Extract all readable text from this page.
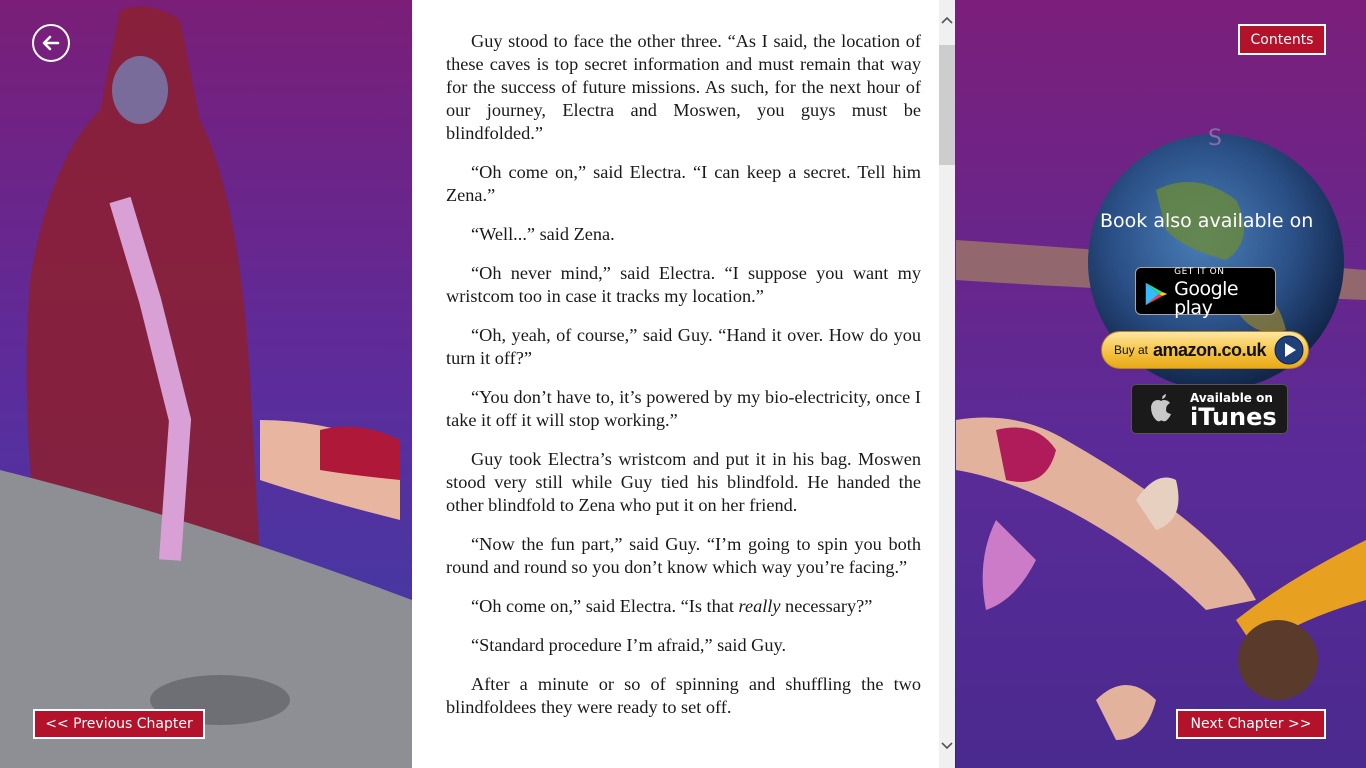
S
Contents
<< Previous Chapter	Next Chapter >>

Guy stood to face the other three. “As I said, the location of these caves is top secret information and must remain that way for the success of future missions. As such, for the next hour of our journey, Electra and Moswen, you guys must be blindfolded.”

“Oh come on,” said Electra. “I can keep a secret. Tell him Zena.”

“Well...” said Zena.

“Oh never mind,” said Electra. “I suppose you want my wristcom too in case it tracks my location.”

“Oh, yeah, of course,” said Guy. “Hand it over. How do you turn it off?”

“You don’t have to, it’s powered by my bio-electricity, once I take it off it will stop working.”

Guy took Electra’s wristcom and put it in his bag. Moswen stood very still while Guy tied his blindfold. He handed the other blindfold to Zena who put it on her friend.

“Now the fun part,” said Guy. “I’m going to spin you both round and round so you don’t know which way you’re facing.”

“Oh come on,” said Electra. “Is that really necessary?”

“Standard procedure I’m afraid,” said Guy.

After a minute or so of spinning and shuffling the two blindfoldees they were ready to set off.

Book also available on
GET IT ON
Google play
Buy at amazon.co.uk
Available on
iTunes
